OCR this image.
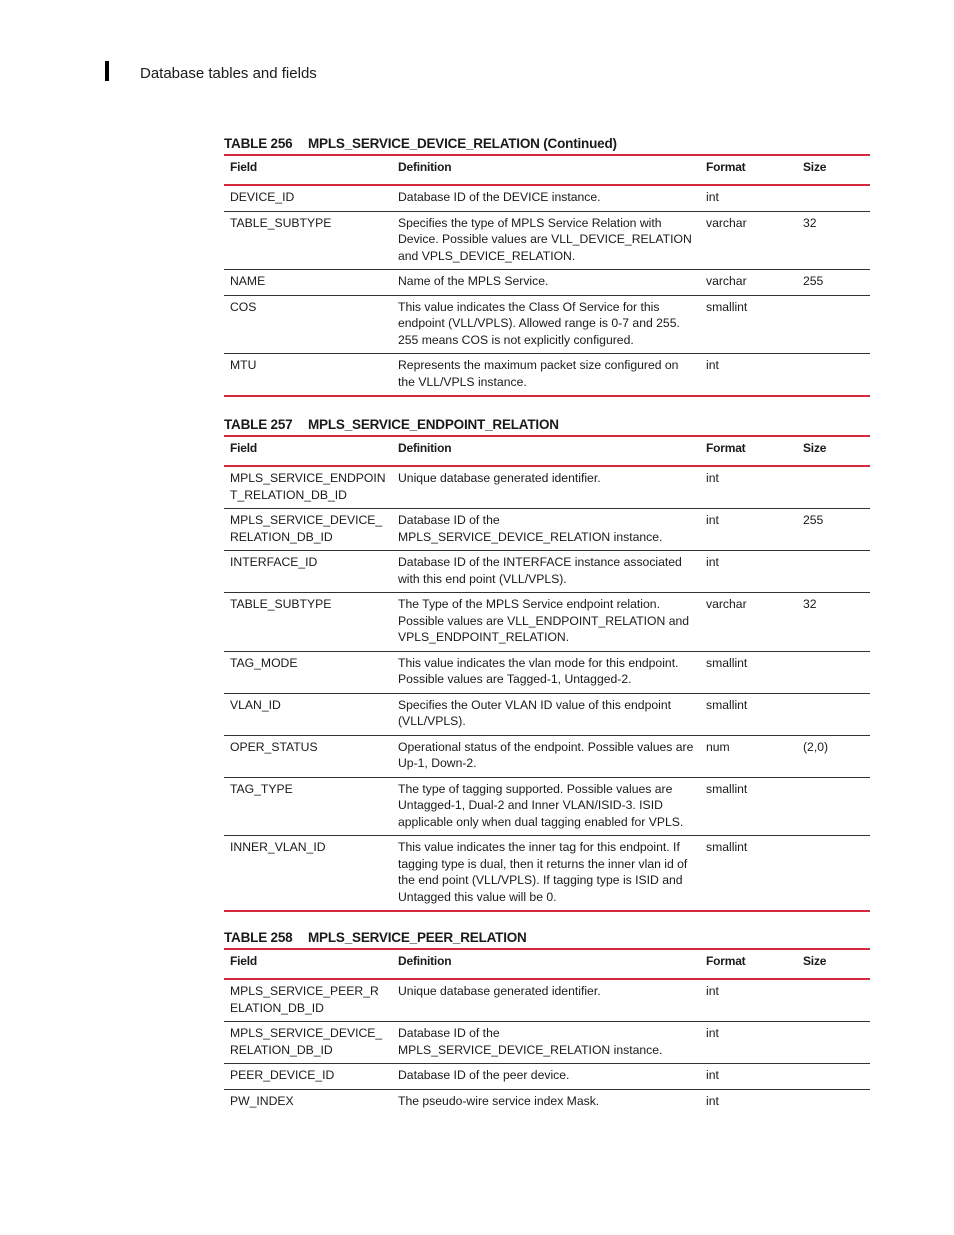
Database tables and fields
TABLE 256 MPLS_SERVICE_DEVICE_RELATION (Continued)
Field	Definition	Format	Size
DEVICE_ID	Database ID of the DEVICE instance.	int	
TABLE_SUBTYPE	Specifies the type of MPLS Service Relation with Device. Possible values are VLL_DEVICE_RELATION and VPLS_DEVICE_RELATION.	varchar	32
NAME	Name of the MPLS Service.	varchar	255
COS	This value indicates the Class Of Service for this endpoint (VLL/VPLS). Allowed range is 0-7 and 255. 255 means COS is not explicitly configured.	smallint	
MTU	Represents the maximum packet size configured on the VLL/VPLS instance.	int	
TABLE 257 MPLS_SERVICE_ENDPOINT_RELATION
Field	Definition	Format	Size
MPLS_SERVICE_ENDPOINT_RELATION_DB_ID	Unique database generated identifier.	int	
MPLS_SERVICE_DEVICE_RELATION_DB_ID	Database ID of the MPLS_SERVICE_DEVICE_RELATION instance.	int	255
INTERFACE_ID	Database ID of the INTERFACE instance associated with this end point (VLL/VPLS).	int	
TABLE_SUBTYPE	The Type of the MPLS Service endpoint relation. Possible values are VLL_ENDPOINT_RELATION and VPLS_ENDPOINT_RELATION.	varchar	32
TAG_MODE	This value indicates the vlan mode for this endpoint. Possible values are Tagged-1, Untagged-2.	smallint	
VLAN_ID	Specifies the Outer VLAN ID value of this endpoint (VLL/VPLS).	smallint	
OPER_STATUS	Operational status of the endpoint. Possible values are Up-1, Down-2.	num	(2,0)
TAG_TYPE	The type of tagging supported. Possible values are Untagged-1, Dual-2 and Inner VLAN/ISID-3. ISID applicable only when dual tagging enabled for VPLS.	smallint	
INNER_VLAN_ID	This value indicates the inner tag for this endpoint. If tagging type is dual, then it returns the inner vlan id of the end point (VLL/VPLS). If tagging type is ISID and Untagged this value will be 0.	smallint	
TABLE 258 MPLS_SERVICE_PEER_RELATION
Field	Definition	Format	Size
MPLS_SERVICE_PEER_RELATION_DB_ID	Unique database generated identifier.	int	
MPLS_SERVICE_DEVICE_RELATION_DB_ID	Database ID of the MPLS_SERVICE_DEVICE_RELATION instance.	int	
PEER_DEVICE_ID	Database ID of the peer device.	int	
PW_INDEX	The pseudo-wire service index Mask.	int	
